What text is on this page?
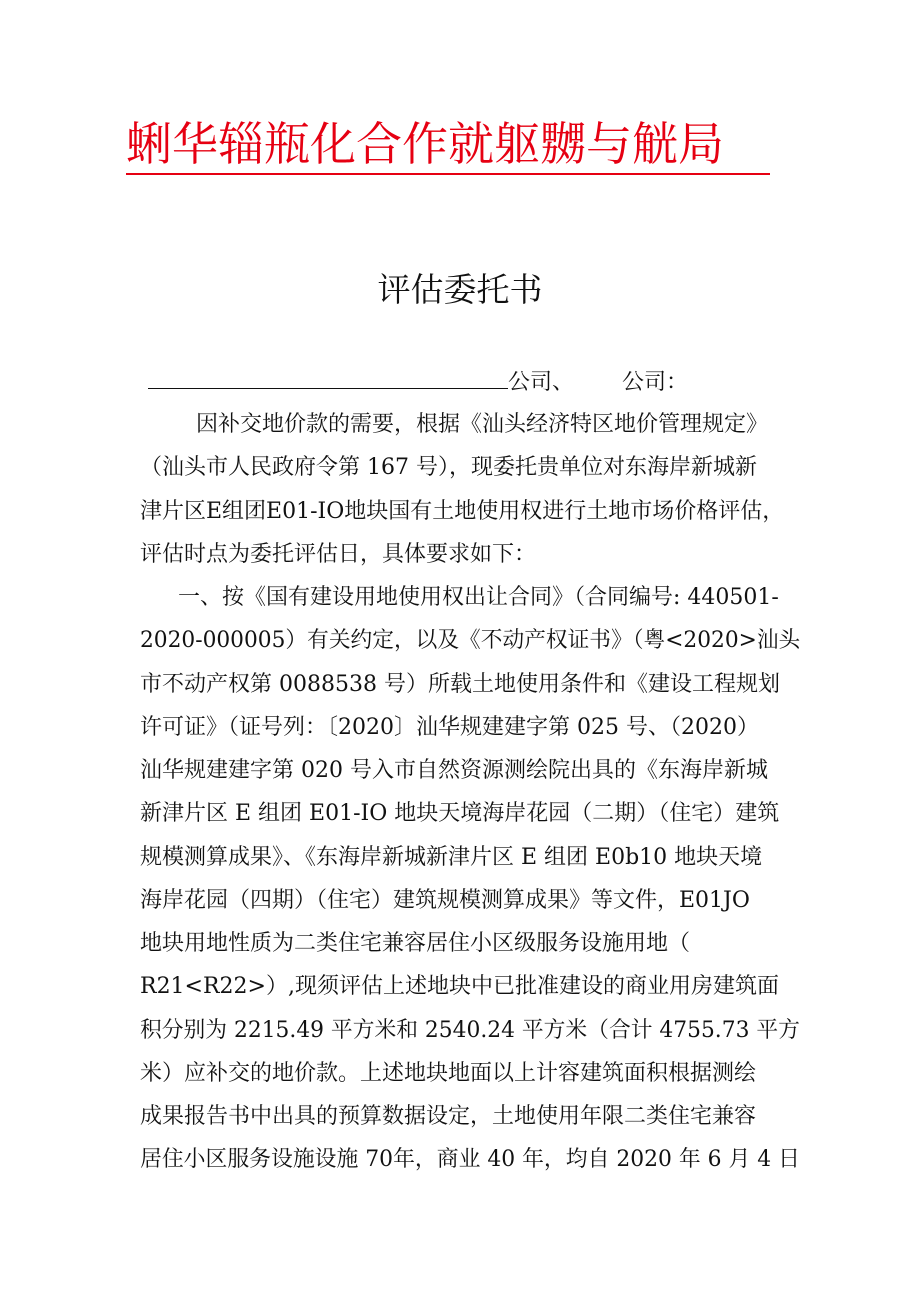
蜊华辎瓶化合作就躯嬲与觥局
评估委托书
公司、 公司：
因补交地价款的需要，根据《汕头经济特区地价管理规定》
（汕头市人民政府令第 167 号），现委托贵单位对东海岸新城新
津片区E组团E01-IO地块国有土地使用权进行土地市场价格评估，
评估时点为委托评估日，具体要求如下：
一、按《国有建设用地使用权出让合同》（合同编号: 440501-
2020-000005）有关约定，以及《不动产权证书》（粤<2020>汕头
市不动产权第 0088538 号）所载土地使用条件和《建设工程规划
许可证》（证号列：〔2020〕汕华规建建字第 025 号、（2020）
汕华规建建字第 020 号入市自然资源测绘院出具的《东海岸新城
新津片区 E 组团 E01-IO 地块天境海岸花园（二期）（住宅）建筑
规模测算成果》、《东海岸新城新津片区 E 组团 E0b10 地块天境
海岸花园（四期）（住宅）建筑规模测算成果》等文件，E01JO
地块用地性质为二类住宅兼容居住小区级服务设施用地（
R21<R22>）,现须评估上述地块中已批准建设的商业用房建筑面
积分别为 2215.49 平方米和 2540.24 平方米（合计 4755.73 平方
米）应补交的地价款。上述地块地面以上计容建筑面积根据测绘
成果报告书中出具的预算数据设定，土地使用年限二类住宅兼容
居住小区服务设施设施 70年，商业 40 年，均自 2020 年 6 月 4 日
